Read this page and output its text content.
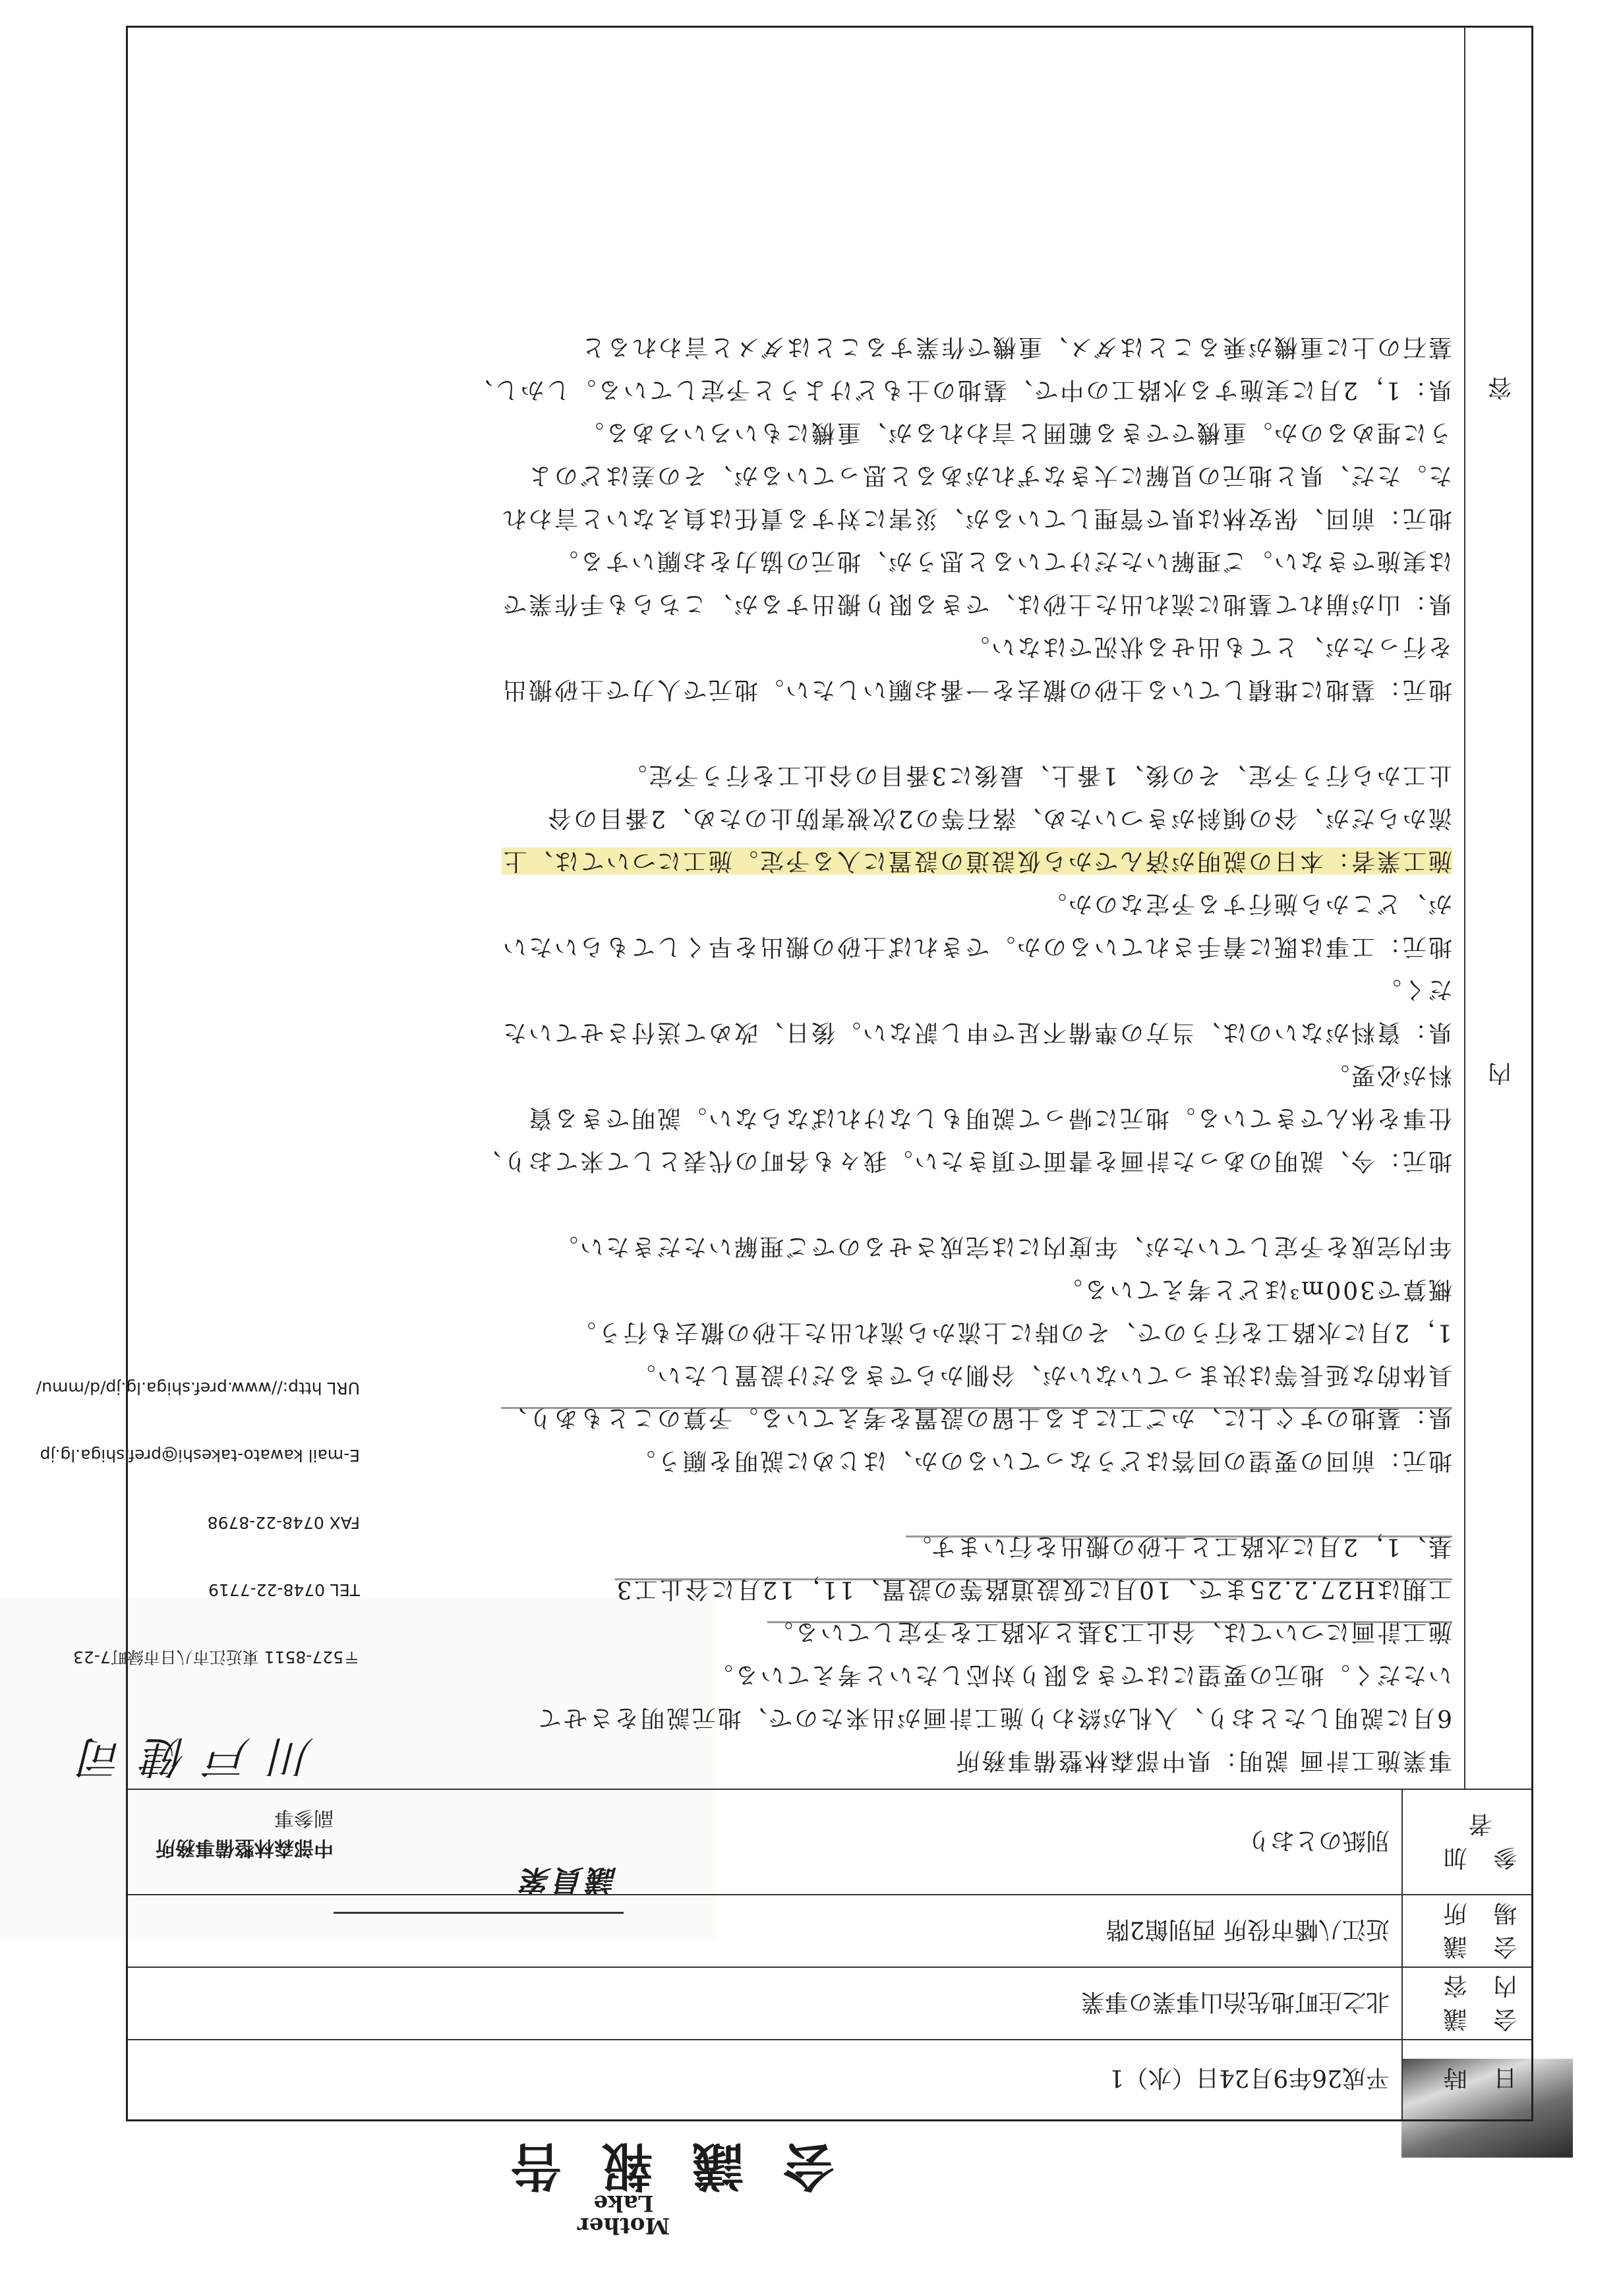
議員案
中部森林整備事務所
副参事
川戸健司

〒527-8511 東近江市八日市緑町7-23

TEL 0748-22-7719

FAX 0748-22-8798

E-mail kawato-takeshi@pref.shiga.lg.jp

URL http://www.pref.shiga.lg.jp/d/mmu/

Mother Lake
会議報告
日時
平成26年9月24日（水）1
会議内容
北之庄町地先治山事業の事業
会議場所
近江八幡市役所 西別館2階
参加者
別紙のとおり
内
容
事業施工計画 説明：県中部森林整備事務所
6月に説明したとおり、入札が終わり施工計画が出来たので、地元説明をさせて
いただく。地元の要望にはできる限り対応したいと考えている。
施工計画については、谷止工3基と水路工を予定している。
工期はH27.2.25まで、10月に仮設道路等の設置、11，12月に谷止工3
基、1，2月に水路工と土砂の搬出を行います。
地元：前回の要望の回答はどうなっているのか、はじめに説明を願う。
県：墓地のすぐ上に、かご工による土留の設置を考えている。予算のこともあり、
具体的な延長等は決まっていないが、谷側からできるだけ設置したい。
1，2月に水路工を行うので、その時に上流から流れ出た土砂の撤去も行う。
概算で300m³ほどと考えている。
年内完成を予定していたが、年度内には完成させるのでご理解いただきたい。
地元：今、説明のあった計画を書面で頂きたい。我々も各町の代表として来ており、
仕事を休んできている。地元に帰って説明もしなければならない。説明できる資
料が必要。
県：資料がないのは、当方の準備不足で申し訳ない。後日、改めて送付させていた
だく。
地元：工事は既に着手されているのか。できれば土砂の搬出を早くしてもらいたい
が、どこから施行する予定なのか。
施工業者：本日の説明が済んでから仮設道の設置に入る予定。施工については、上
流からだが、谷の傾斜がきついため、落石等の2次被害防止のため、2番目の谷
止工から行う予定、その後、1番上、最後に3番目の谷止工を行う予定。
地元：墓地に堆積している土砂の撤去を一番お願いしたい。地元で人力で土砂搬出
を行ったが、とても出せる状況ではない。
県：山が崩れて墓地に流れ出た土砂は、できる限り搬出するが、こちらも手作業で
は実施できない。ご理解いただけていると思うが、地元の協力をお願いする。
地元：前回、保安林は県で管理しているが、災害に対する責任は負えないと言われ
た。ただ、県と地元の見解に大きなずれがあると思っているが、その差はどのよ
うに埋めるのか。重機でできる範囲と言われるが、重機にもいろいろある。
県：1，2月に実施する水路工の中で、墓地の土もどけようと予定している。しかし、
墓石の上に重機が乗ることはダメ、重機で作業することはダメと言われると
